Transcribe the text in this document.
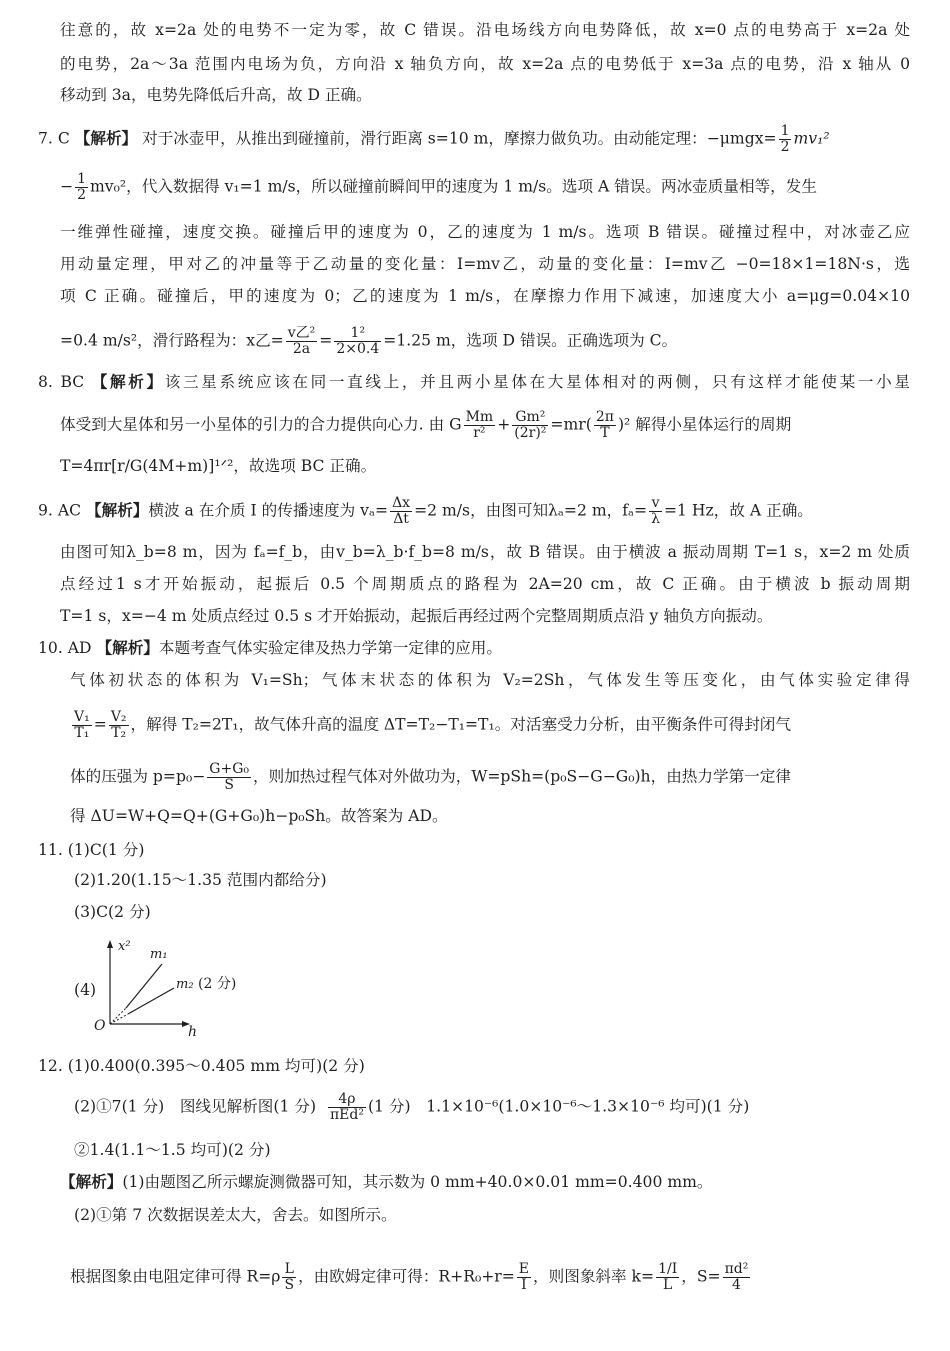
往意的，故 x=2a 处的电势不一定为零，故 C 错误。沿电场线方向电势降低，故 x=0 点的电势高于 x=2a 处
的电势，2a～3a 范围内电场为负，方向沿 x 轴负方向，故 x=2a 点的电势低于 x=3a 点的电势，沿 x 轴从 0
移动到 3a，电势先降低后升高，故 D 正确。
7. C 【解析】 对于冰壶甲，从推出到碰撞前，滑行距离 s=10 m，摩擦力做负功。由动能定理：$-\mu mgx= \frac{1}{2} mv_1^2$
− $\frac{1}{2} mv_0^2$，代入数据得 v₁=1 m/s，所以碰撞前瞬间甲的速度为 1 m/s。选项 A 错误。两冰壶质量相等，发生
一维弹性碰撞，速度交换。碰撞后甲的速度为 0，乙的速度为 1 m/s。选项 B 错误。碰撞过程中，对冰壶乙应
用动量定理，甲对乙的冲量等于乙动量的变化量：I=mv乙，动量的变化量：I=mv乙 −0=18×1=18N·s，选
项 C 正确。碰撞后，甲的速度为 0；乙的速度为 1 m/s，在摩擦力作用下减速，加速度大小 a=μg=0.04×10
=0.4 m/s²，滑行路程为：x乙= $\frac{\text{v乙²}}{2a} = \frac{\text{1²}}{2\times 0.4} =1.25$ m，选项 D 错误。正确选项为 C。
8. BC 【解析】该三星系统应该在同一直线上，并且两小星体在大星体相对的两侧，只有这样才能使某一小星
体受到大星体和另一小星体的引力的合力提供向心力. 由 G $\frac{Mm}{\text{r²}} + \frac{\text{Gm²}}{\text{(2r)²}} =mr( \frac{2\pi}{T} )^2$ 解得小星体运行的周期
T=4πr[r/G(4M+m)]¹ᐟ²，故选项 BC 正确。
9. AC 【解析】横波 a 在介质 Ⅰ 的传播速度为 $v_a= \frac{\Delta x}{\Delta t} =2$ m/s，由图可知λₐ=2 m，$f_a= \frac{v}{\lambda} =1$ Hz，故 A 正确。
由图可知λ_b=8 m，因为 fₐ=f_b，由v_b=λ_b·f_b=8 m/s，故 B 错误。由于横波 a 振动周期 T=1 s，x=2 m 处质
点经过1 s才开始振动，起振后 0.5 个周期质点的路程为 2A=20 cm，故 C 正确。由于横波 b 振动周期
T=1 s，x=−4 m 处质点经过 0.5 s 才开始振动，起振后再经过两个完整周期质点沿 y 轴负方向振动。
10. AD 【解析】本题考查气体实验定律及热力学第一定律的应用。
气体初状态的体积为 V₁=Sh；气体末状态的体积为 V₂=2Sh，气体发生等压变化，由气体实验定律得
$\frac{\text{V₁}}{\text{T₁}} = \frac{\text{V₂}}{\text{T₂}}$ ，解得 T₂=2T₁，故气体升高的温度 ΔT=T₂−T₁=T₁。对活塞受力分析，由平衡条件可得封闭气
体的压强为 $p=p_0- \frac{\text{G+G₀}}{S}$ ，则加热过程气体对外做功为，W=pSh=(p₀S−G−G₀)h，由热力学第一定律
得 ΔU=W+Q=Q+(G+G₀)h−p₀Sh。故答案为 AD。
11. (1)C(1 分)
(2)1.20(1.15～1.35 范围内都给分)
(3)C(2 分)
(4)
x²
h
O
m₁
m₂ (2 分)
12. (1)0.400(0.395～0.405 mm 均可)(2 分)
(2)①7(1 分)　图线见解析图(1 分) $\frac{4\rho}{\text{πEd²}} (1$ 分)　1.1×10⁻⁶(1.0×10⁻⁶～1.3×10⁻⁶ 均可)(1 分)
②1.4(1.1～1.5 均可)(2 分)
【解析】(1)由题图乙所示螺旋测微器可知，其示数为 0 mm+40.0×0.01 mm=0.400 mm。
(2)①第 7 次数据误差太大，舍去。如图所示。
根据图象由电阻定律可得 $R=\rho \frac{L}{S}$ ，由欧姆定律可得：$R+R_0+r= \frac{E}{I}$ ，则图象斜率 $k= \frac{1/I}{L}$ ，$S= \frac{\text{πd²}}{4}$
